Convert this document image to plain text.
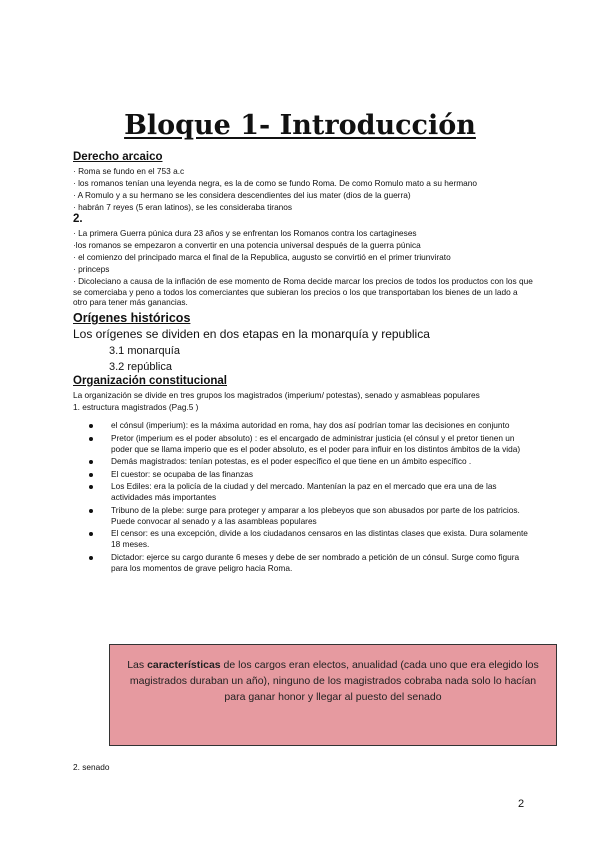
Bloque 1- Introducción
Derecho arcaico
· Roma se fundo en el 753 a.c
· los romanos tenían una leyenda negra, es la de como se fundo Roma. De como Romulo mato a su hermano
· A Romulo y a su hermano se les considera descendientes del ius mater (dios de la guerra)
· habrán 7 reyes (5 eran latinos), se les consideraba tiranos
2.
· La primera Guerra púnica dura 23 años y se enfrentan los Romanos contra los cartagineses
·los romanos se empezaron a convertir en una potencia universal después de la guerra púnica
· el comienzo del principado marca el final de la Republica, augusto se convirtió en el primer triunvirato
· princeps
· Dicoleciano a causa de la inflación de ese momento de Roma decide marcar los precios de todos los productos con los que se comerciaba y peno a todos los comerciantes que subieran los precios o los que transportaban los bienes de un lado a otro para tener más ganancias.
Orígenes históricos
Los orígenes se dividen en dos etapas en la monarquía y republica
3.1 monarquía
3.2 república
Organización constitucional
La organización se divide en tres grupos los magistrados (imperium/ potestas), senado y asmableas populares
1. estructura magistrados (Pag.5 )
el cónsul (imperium): es la máxima autoridad en roma, hay dos así podrían tomar las decisiones en conjunto
Pretor (imperium es el poder absoluto) : es el encargado de administrar justicia (el cónsul y el pretor tienen un poder que se llama imperio que es el poder absoluto, es el poder para influir en los distintos ámbitos de la vida)
Demás magistrados: tenían potestas, es el poder específico el que tiene en un ámbito específico .
El cuestor: se ocupaba de las finanzas
Los Ediles: era la policía de la ciudad y del mercado. Mantenían la paz en el mercado que era una de las actividades más importantes
Tribuno de la plebe: surge para proteger y amparar a los plebeyos que son abusados por parte de los patricios. Puede convocar al senado y a las asambleas populares
El censor: es una excepción, divide a los ciudadanos censaros en las distintas clases que exista. Dura solamente 18 meses.
Dictador: ejerce su cargo durante 6 meses y debe de ser nombrado a petición de un cónsul. Surge como figura para los momentos de grave peligro hacia Roma.
Las características de los cargos eran electos, anualidad (cada uno que era elegido los magistrados duraban un año), ninguno de los magistrados cobraba nada solo lo hacían para ganar honor y llegar al puesto del senado
2. senado
2
